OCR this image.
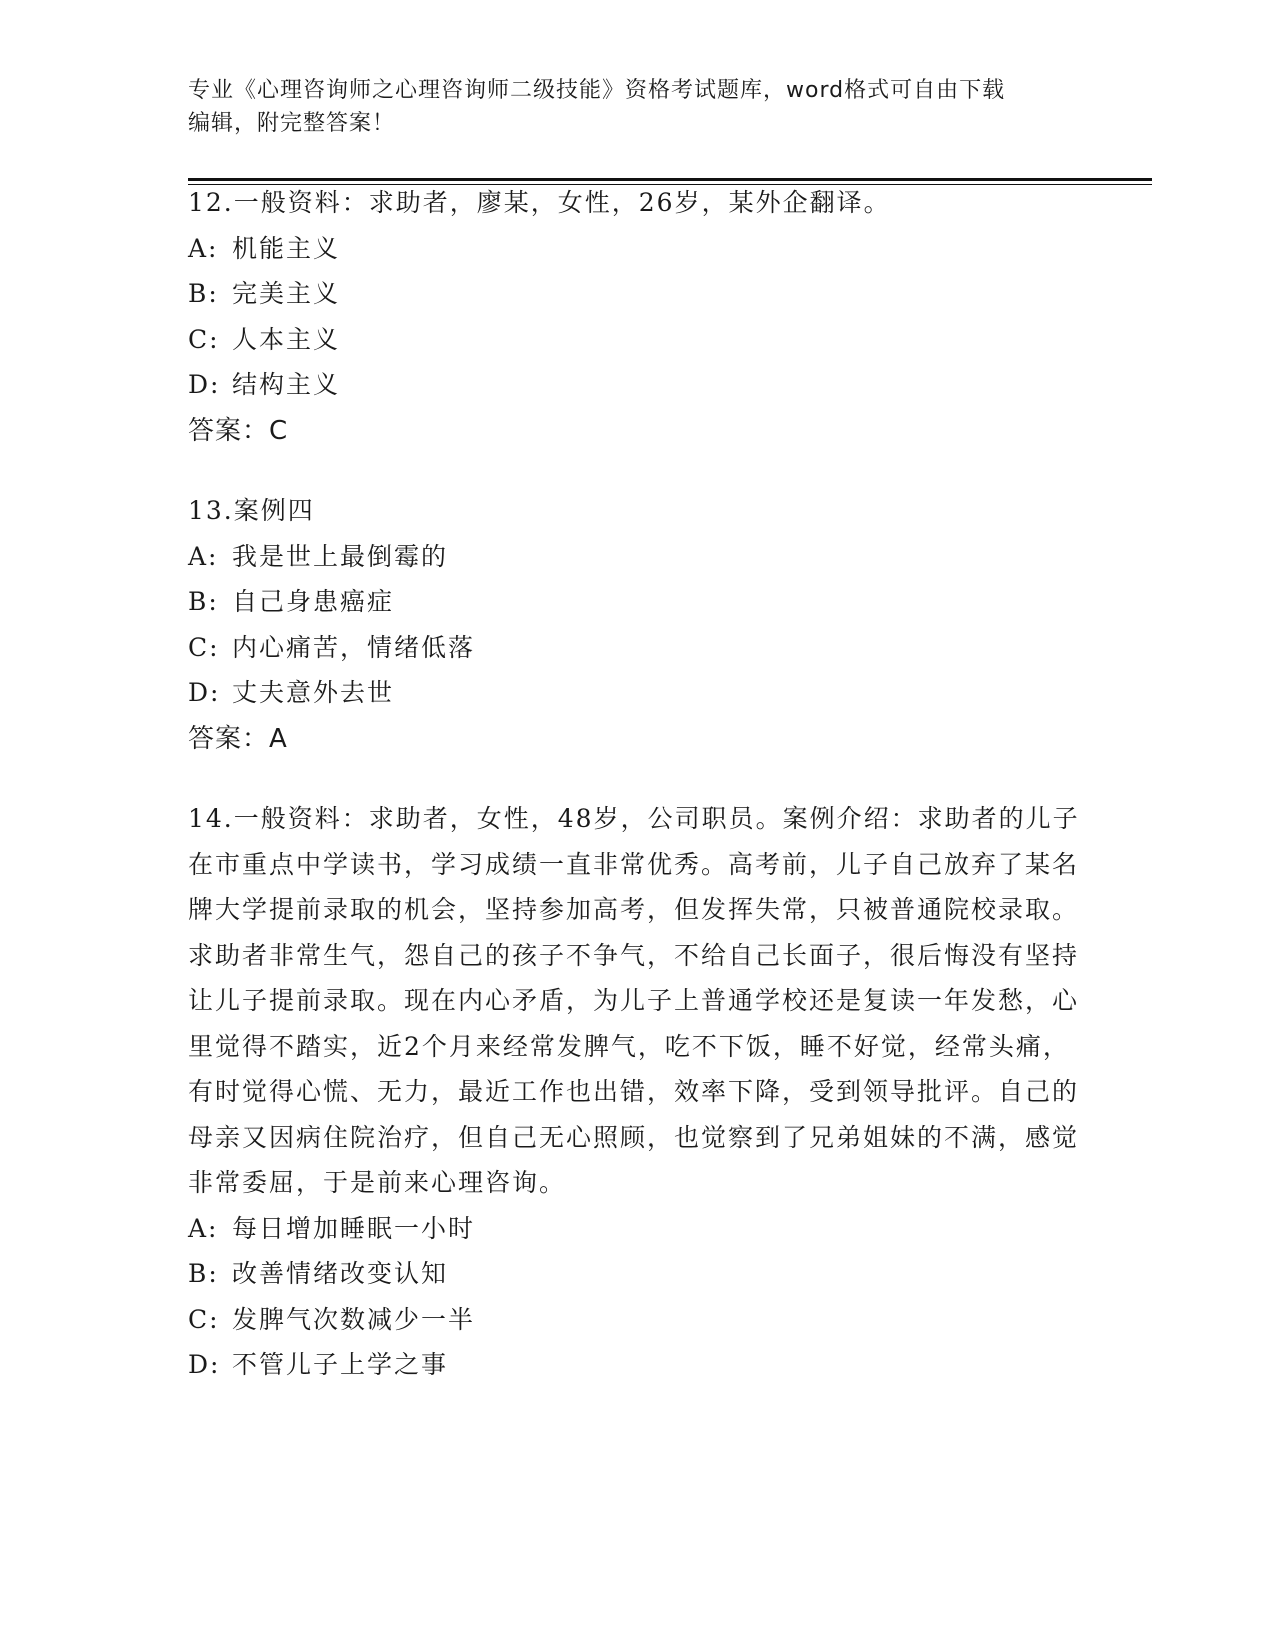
专业《心理咨询师之心理咨询师二级技能》资格考试题库，word格式可自由下载
编辑，附完整答案！

12.一般资料：求助者，廖某，女性，26岁，某外企翻译。

A: 机能主义

B: 完美主义

C: 人本主义

D: 结构主义

答案：C

13.案例四

A: 我是世上最倒霉的

B: 自己身患癌症

C: 内心痛苦，情绪低落

D: 丈夫意外去世

答案：A

14.一般资料：求助者，女性，48岁，公司职员。案例介绍：求助者的儿子在市重点中学读书，学习成绩一直非常优秀。高考前，儿子自己放弃了某名牌大学提前录取的机会，坚持参加高考，但发挥失常，只被普通院校录取。求助者非常生气，怨自己的孩子不争气，不给自己长面子，很后悔没有坚持让儿子提前录取。现在内心矛盾，为儿子上普通学校还是复读一年发愁，心里觉得不踏实，近2个月来经常发脾气，吃不下饭，睡不好觉，经常头痛，有时觉得心慌、无力，最近工作也出错，效率下降，受到领导批评。自己的母亲又因病住院治疗，但自己无心照顾，也觉察到了兄弟姐妹的不满，感觉非常委屈，于是前来心理咨询。

A: 每日增加睡眠一小时

B: 改善情绪改变认知

C: 发脾气次数减少一半

D: 不管儿子上学之事
